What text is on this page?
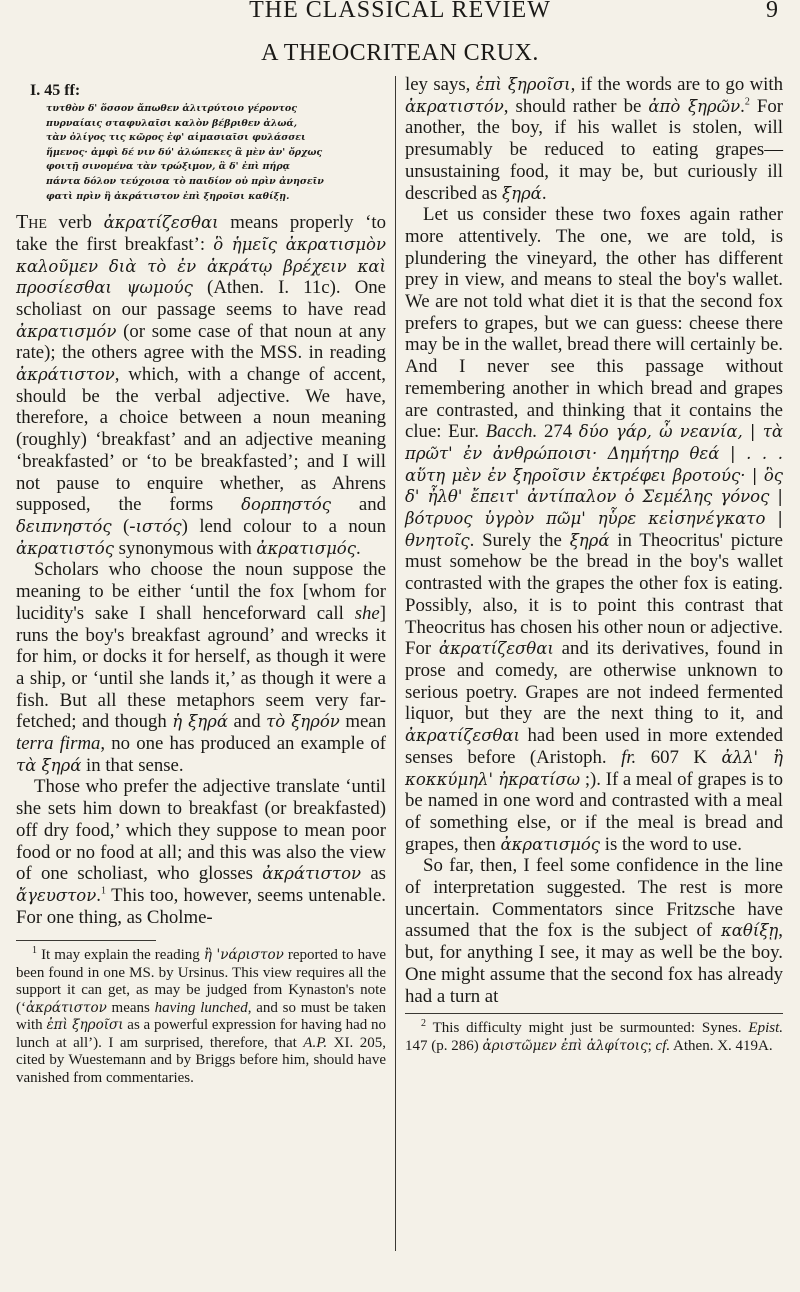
THE CLASSICAL REVIEW	9
A THEOCRITEAN CRUX.
I. 45 ff:
τυτθὸν δ' ὅσσον ἄπωθεν ἁλιτρύτοιο γέροντος
πυρναίαις σταφυλαῖσι καλὸν βέβριθεν ἀλωά,
τὰν ὀλίγος τις κῶρος ἐφ' αἱμασιαῖσι φυλάσσει
ἥμενος· ἀμφὶ δέ νιν δύ' ἀλώπεκες ἃ μὲν ἀν' ὄρχως
φοιτῇ σινομένα τὰν τρώξιμον, ἃ δ' ἐπὶ πήρᾳ
πάντα δόλον τεύχοισα τὸ παιδίον οὐ πρὶν ἀνησεῖν
φατὶ πρὶν ἢ ἀκράτιστον ἐπὶ ξηροῖσι καθίξῃ.

The verb ἀκρατίζεσθαι means properly ‘to take the first breakfast’: ὃ ἡμεῖς ἀκρατισμὸν καλοῦμεν διὰ τὸ ἐν ἀκράτῳ βρέχειν καὶ προσίεσθαι ψωμούς (Athen. I. 11c). One scholiast on our passage seems to have read ἀκρατισμόν (or some case of that noun at any rate); the others agree with the MSS. in reading ἀκράτιστον, which, with a change of accent, should be the verbal adjective. We have, therefore, a choice between a noun meaning (roughly) ‘breakfast’ and an adjective meaning ‘breakfasted’ or ‘to be breakfasted’; and I will not pause to enquire whether, as Ahrens supposed, the forms δορπηστός and δειπνηστός (-ιστός) lend colour to a noun ἀκρατιστός synonymous with ἀκρατισμός.

Scholars who choose the noun suppose the meaning to be either ‘until the fox [whom for lucidity's sake I shall henceforward call she] runs the boy's breakfast aground’ and wrecks it for him, or docks it for herself, as though it were a ship, or ‘until she lands it,’ as though it were a fish. But all these metaphors seem very far-fetched; and though ἡ ξηρά and τὸ ξηρόν mean terra firma, no one has produced an example of τὰ ξηρά in that sense.

Those who prefer the adjective translate ‘until she sets him down to breakfast (or breakfasted) off dry food,’ which they suppose to mean poor food or no food at all; and this was also the view of one scholiast, who glosses ἀκράτιστον as ἄγευστον.$^1$ This too, however, seems untenable. For one thing, as Cholme-

$^1$ It may explain the reading ἢ 'νάριστον reported to have been found in one MS. by Ursinus. This view requires all the support it can get, as may be judged from Kynaston's note (‘ἀκράτιστον means having lunched, and so must be taken with ἐπὶ ξηροῖσι as a powerful expression for having had no lunch at all’). I am surprised, therefore, that A.P. XI. 205, cited by Wuestemann and by Briggs before him, should have vanished from commentaries.

ley says, ἐπὶ ξηροῖσι, if the words are to go with ἀκρατιστόν, should rather be ἀπὸ ξηρῶν.$^2$ For another, the boy, if his wallet is stolen, will presumably be reduced to eating grapes—unsustaining food, it may be, but curiously ill described as ξηρά.

Let us consider these two foxes again rather more attentively. The one, we are told, is plundering the vineyard, the other has different prey in view, and means to steal the boy's wallet. We are not told what diet it is that the second fox prefers to grapes, but we can guess: cheese there may be in the wallet, bread there will certainly be. And I never see this passage without remembering another in which bread and grapes are contrasted, and thinking that it contains the clue: Eur. Bacch. 274 δύο γάρ, ὦ νεανία, | τὰ πρῶτ' ἐν ἀνθρώποισι· Δημήτηρ θεά | . . . αὕτη μὲν ἐν ξηροῖσιν ἐκτρέφει βροτούς· | ὃς δ' ἦλθ' ἔπειτ' ἀντίπαλον ὁ Σεμέλης γόνος | βότρυος ὑγρὸν πῶμ' ηὗρε κεἰσηνέγκατο | θνητοῖς. Surely the ξηρά in Theocritus' picture must somehow be the bread in the boy's wallet contrasted with the grapes the other fox is eating. Possibly, also, it is to point this contrast that Theocritus has chosen his other noun or adjective. For ἀκρατίζεσθαι and its derivatives, found in prose and comedy, are otherwise unknown to serious poetry. Grapes are not indeed fermented liquor, but they are the next thing to it, and ἀκρατίζεσθαι had been used in more extended senses before (Aristoph. fr. 607 K ἀλλ' ἢ κοκκύμηλ' ἠκρατίσω ;). If a meal of grapes is to be named in one word and contrasted with a meal of something else, or if the meal is bread and grapes, then ἀκρατισμός is the word to use.

So far, then, I feel some confidence in the line of interpretation suggested. The rest is more uncertain. Commentators since Fritzsche have assumed that the fox is the subject of καθίξῃ, but, for anything I see, it may as well be the boy. One might assume that the second fox has already had a turn at

$^2$ This difficulty might just be surmounted: Synes. Epist. 147 (p. 286) ἀριστῶμεν ἐπὶ ἀλφίτοις; cf. Athen. X. 419A.
